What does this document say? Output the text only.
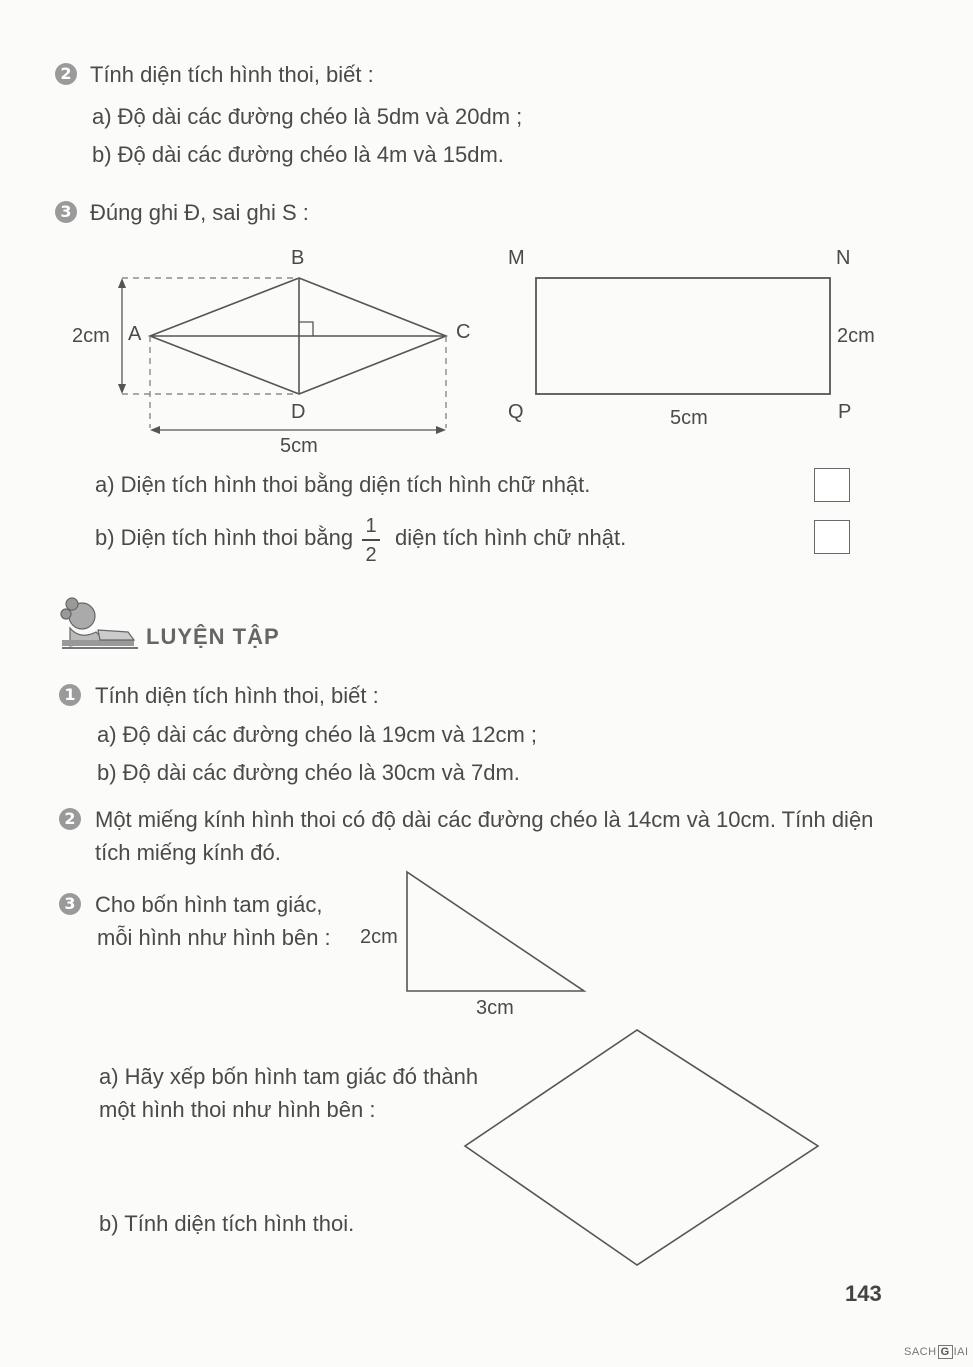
2 Tính diện tích hình thoi, biết :
a) Độ dài các đường chéo là 5dm và 20dm ;
b) Độ dài các đường chéo là 4m và 15dm.
3 Đúng ghi Đ, sai ghi S :
B
A	C
D
2cm
5cm
M	N
Q	P
2cm
5cm
a) Diện tích hình thoi bằng diện tích hình chữ nhật.
b) Diện tích hình thoi bằng 1
2
diện tích hình chữ nhật.
LUYỆN TẬP
1 Tính diện tích hình thoi, biết :
a) Độ dài các đường chéo là 19cm và 12cm ;
b) Độ dài các đường chéo là 30cm và 7dm.
2 Một miếng kính hình thoi có độ dài các đường chéo là 14cm và 10cm. Tính diện
tích miếng kính đó.
3 Cho bốn hình tam giác,
mỗi hình như hình bên : 2cm
3cm
a) Hãy xếp bốn hình tam giác đó thành
một hình thoi như hình bên :
b) Tính diện tích hình thoi.
143
SACH G IAI
